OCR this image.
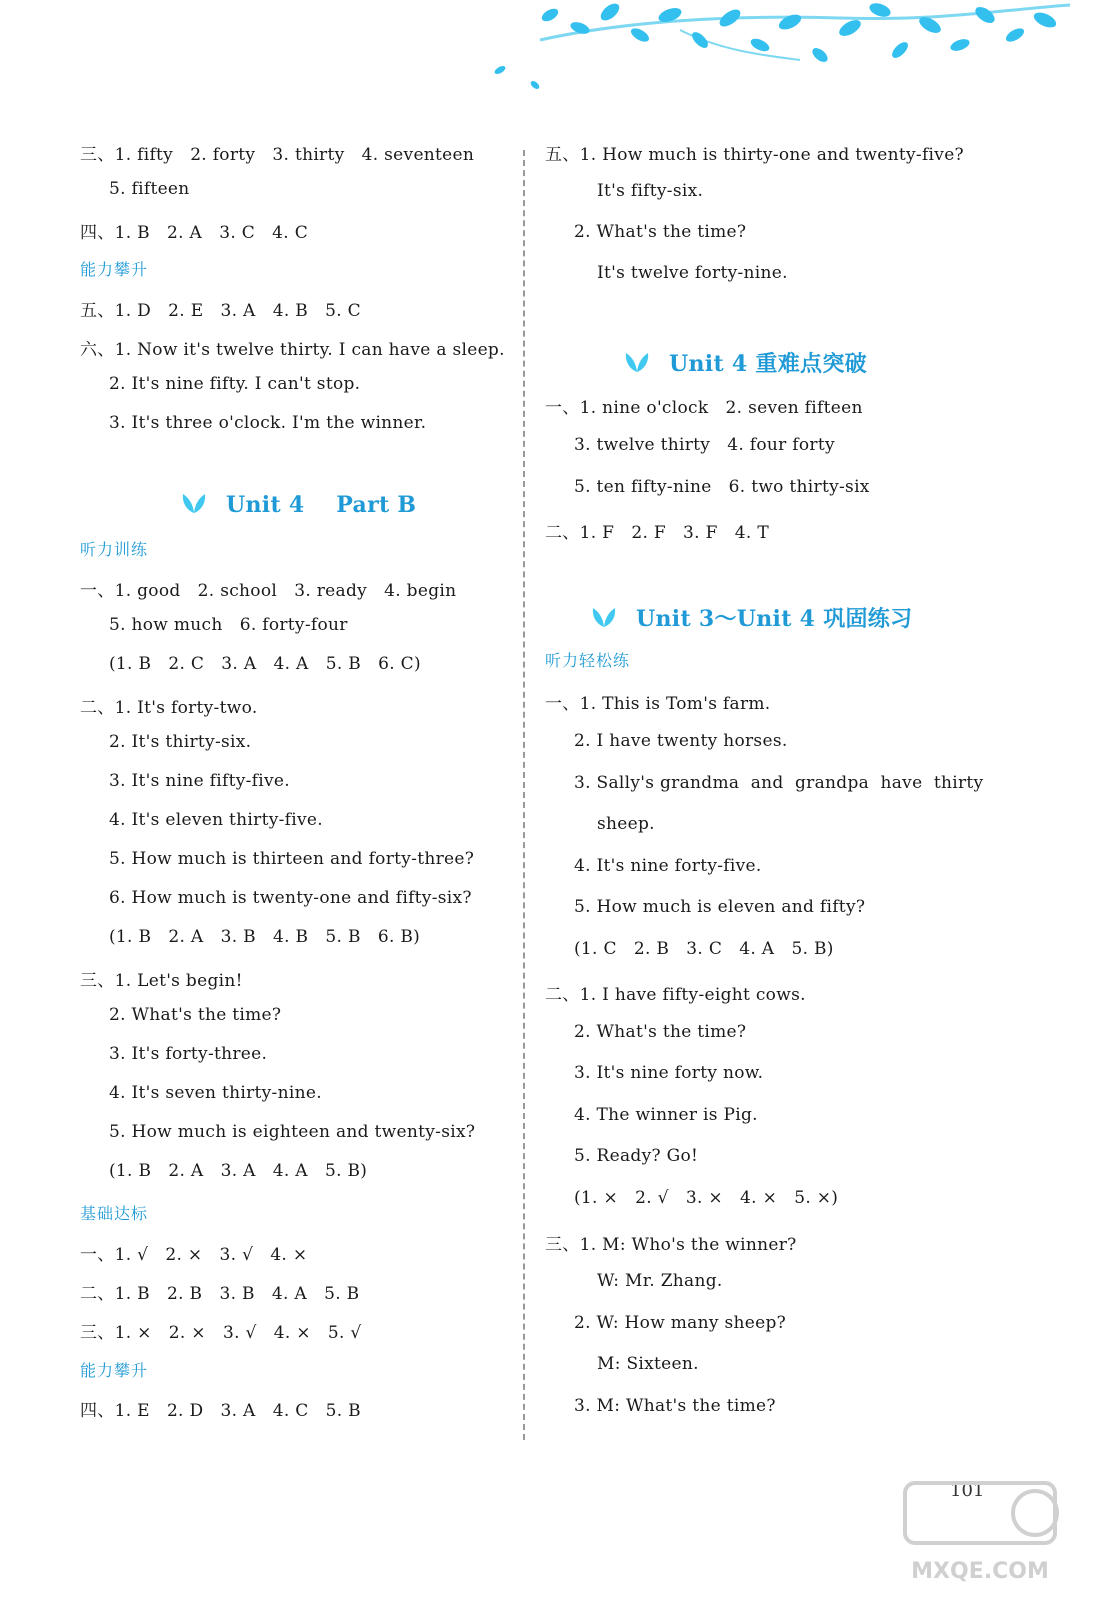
三、1. fifty   2. forty   3. thirty   4. seventeen
5. fifteen
四、1. B   2. A   3. C   4. C
能力攀升
五、1. D   2. E   3. A   4. B   5. C
六、1. Now it's twelve thirty. I can have a sleep.
2. It's nine fifty. I can't stop.
3. It's three o'clock. I'm the winner.
Unit 4    Part B
听力训练
一、1. good   2. school   3. ready   4. begin
5. how much   6. forty-four
(1. B   2. C   3. A   4. A   5. B   6. C)
二、1. It's forty-two.
2. It's thirty-six.
3. It's nine fifty-five.
4. It's eleven thirty-five.
5. How much is thirteen and forty-three?
6. How much is twenty-one and fifty-six?
(1. B   2. A   3. B   4. B   5. B   6. B)
三、1. Let's begin!
2. What's the time?
3. It's forty-three.
4. It's seven thirty-nine.
5. How much is eighteen and twenty-six?
(1. B   2. A   3. A   4. A   5. B)
基础达标
一、1. √   2. ×   3. √   4. ×
二、1. B   2. B   3. B   4. A   5. B
三、1. ×   2. ×   3. √   4. ×   5. √
能力攀升
四、1. E   2. D   3. A   4. C   5. B
五、1. How much is thirty-one and twenty-five?
It's fifty-six.
2. What's the time?
It's twelve forty-nine.
Unit 4 重难点突破
一、1. nine o'clock   2. seven fifteen
3. twelve thirty   4. four forty
5. ten fifty-nine   6. two thirty-six
二、1. F   2. F   3. F   4. T
Unit 3～Unit 4 巩固练习
听力轻松练
一、1. This is Tom's farm.
2. I have twenty horses.
3. Sally's grandma  and  grandpa  have  thirty
sheep.
4. It's nine forty-five.
5. How much is eleven and fifty?
(1. C   2. B   3. C   4. A   5. B)
二、1. I have fifty-eight cows.
2. What's the time?
3. It's nine forty now.
4. The winner is Pig.
5. Ready? Go!
(1. ×   2. √   3. ×   4. ×   5. ×)
三、1. M: Who's the winner?
W: Mr. Zhang.
2. W: How many sheep?
M: Sixteen.
3. M: What's the time?
101
MXQE.COM
